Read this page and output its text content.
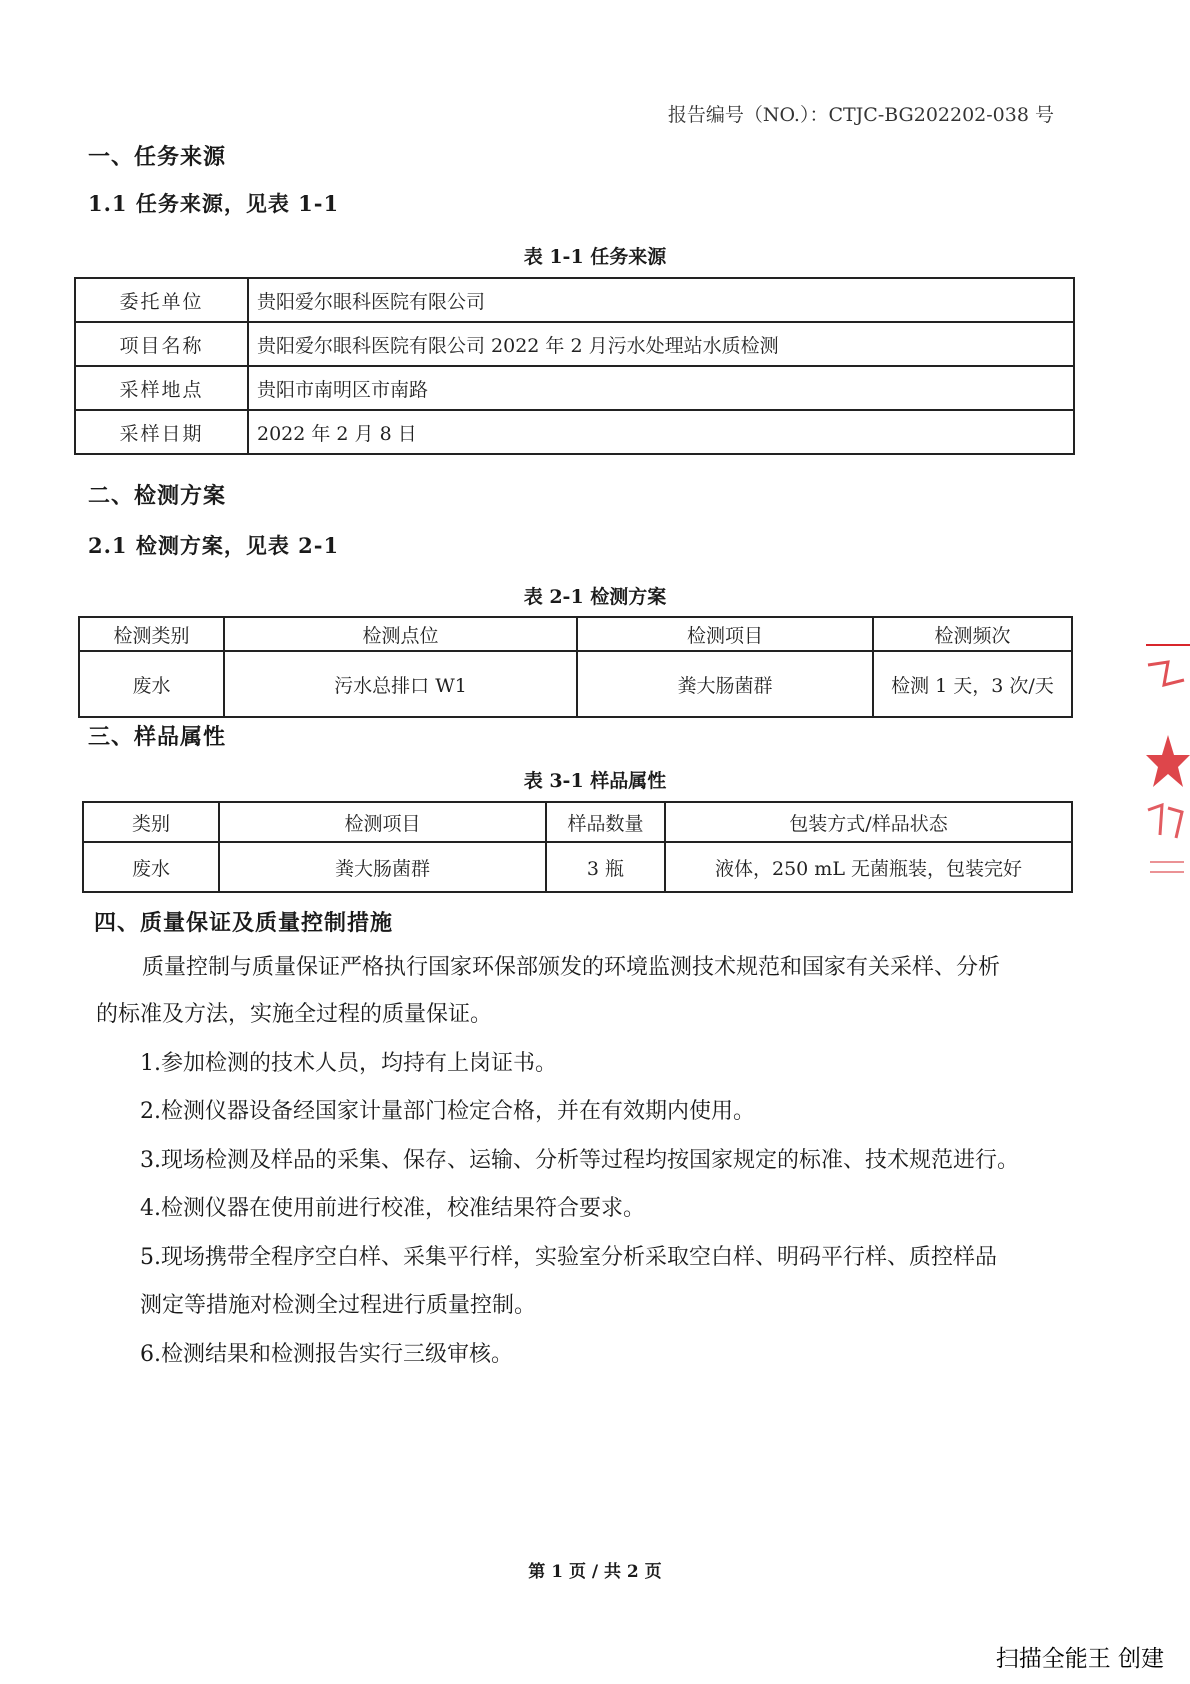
报告编号（NO.）：CTJC-BG202202-038 号
一、任务来源
1.1 任务来源，见表 1-1
表 1-1 任务来源
委托单位	贵阳爱尔眼科医院有限公司
项目名称	贵阳爱尔眼科医院有限公司 2022 年 2 月污水处理站水质检测
采样地点	贵阳市南明区市南路
采样日期	2022 年 2 月 8 日
二、检测方案
2.1 检测方案，见表 2-1
表 2-1 检测方案
检测类别	检测点位	检测项目	检测频次
废水	污水总排口 W1	粪大肠菌群	检测 1 天，3 次/天
三、样品属性
表 3-1 样品属性
类别	检测项目	样品数量	包装方式/样品状态
废水	粪大肠菌群	3 瓶	液体，250 mL 无菌瓶装，包装完好
四、质量保证及质量控制措施
质量控制与质量保证严格执行国家环保部颁发的环境监测技术规范和国家有关采样、分析
的标准及方法，实施全过程的质量保证。
1.参加检测的技术人员，均持有上岗证书。
2.检测仪器设备经国家计量部门检定合格，并在有效期内使用。
3.现场检测及样品的采集、保存、运输、分析等过程均按国家规定的标准、技术规范进行。
4.检测仪器在使用前进行校准，校准结果符合要求。
5.现场携带全程序空白样、采集平行样，实验室分析采取空白样、明码平行样、质控样品
测定等措施对检测全过程进行质量控制。
6.检测结果和检测报告实行三级审核。
第 1 页 / 共 2 页
扫描全能王 创建
